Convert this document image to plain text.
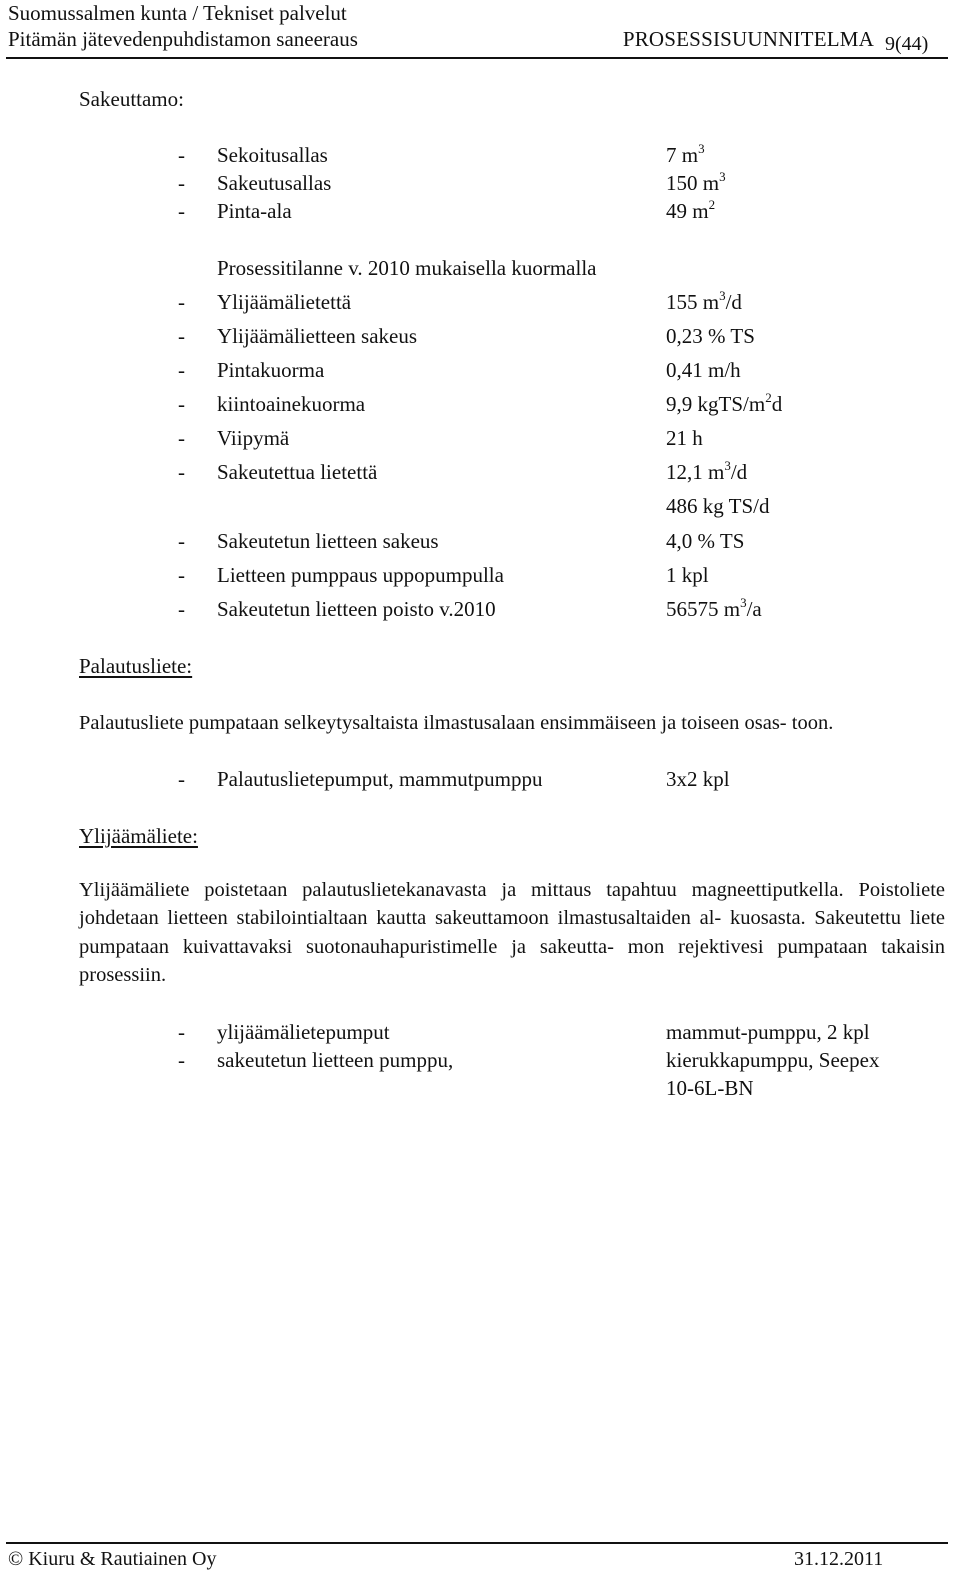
Suomussalmen kunta / Tekniset palvelut
Pitämän jätevedenpuhdistamon saneeraus	PROSESSISUUNNITELMA 9(44)
Sakeuttamo:
- Sekoitusallas	7 $m^3$
- Sakeutusallas	150 $m^3$
- Pinta-ala	49 $m^2$
Prosessitilanne v. 2010 mukaisella kuormalla
- Ylijäämälietettä	155 $m^3/d$
- Ylijäämälietteen sakeus	0,23 % TS
- Pintakuorma	0,41 m/h
- kiintoainekuorma	9,9 kgTS/$m^2d$
- Viipymä	21 h
- Sakeutettua lietettä	12,1 $m^3/d$
486 kg TS/d
- Sakeutetun lietteen sakeus	4,0 % TS
- Lietteen pumppaus uppopumpulla	1 kpl
- Sakeutetun lietteen poisto v.2010	56575 $m^3/a$
Palautusliete:
Palautusliete pumpataan selkeytysaltaista ilmastusalaan ensimmäiseen ja toiseen osas- toon.
- Palautuslietepumput, mammutpumppu	3x2 kpl
Ylijäämäliete:
Ylijäämäliete poistetaan palautuslietekanavasta ja mittaus tapahtuu magneettiputkella. Poistoliete johdetaan lietteen stabilointialtaan kautta sakeuttamoon ilmastusaltaiden al- kuosasta. Sakeutettu liete pumpataan kuivattavaksi suotonauhapuristimelle ja sakeutta- mon rejektivesi pumpataan takaisin prosessiin.
- ylijäämälietepumput	mammut-pumppu, 2 kpl
- sakeutetun lietteen pumppu,	kierukkapumppu, Seepex
10-6L-BN
© Kiuru & Rautiainen Oy	31.12.2011
